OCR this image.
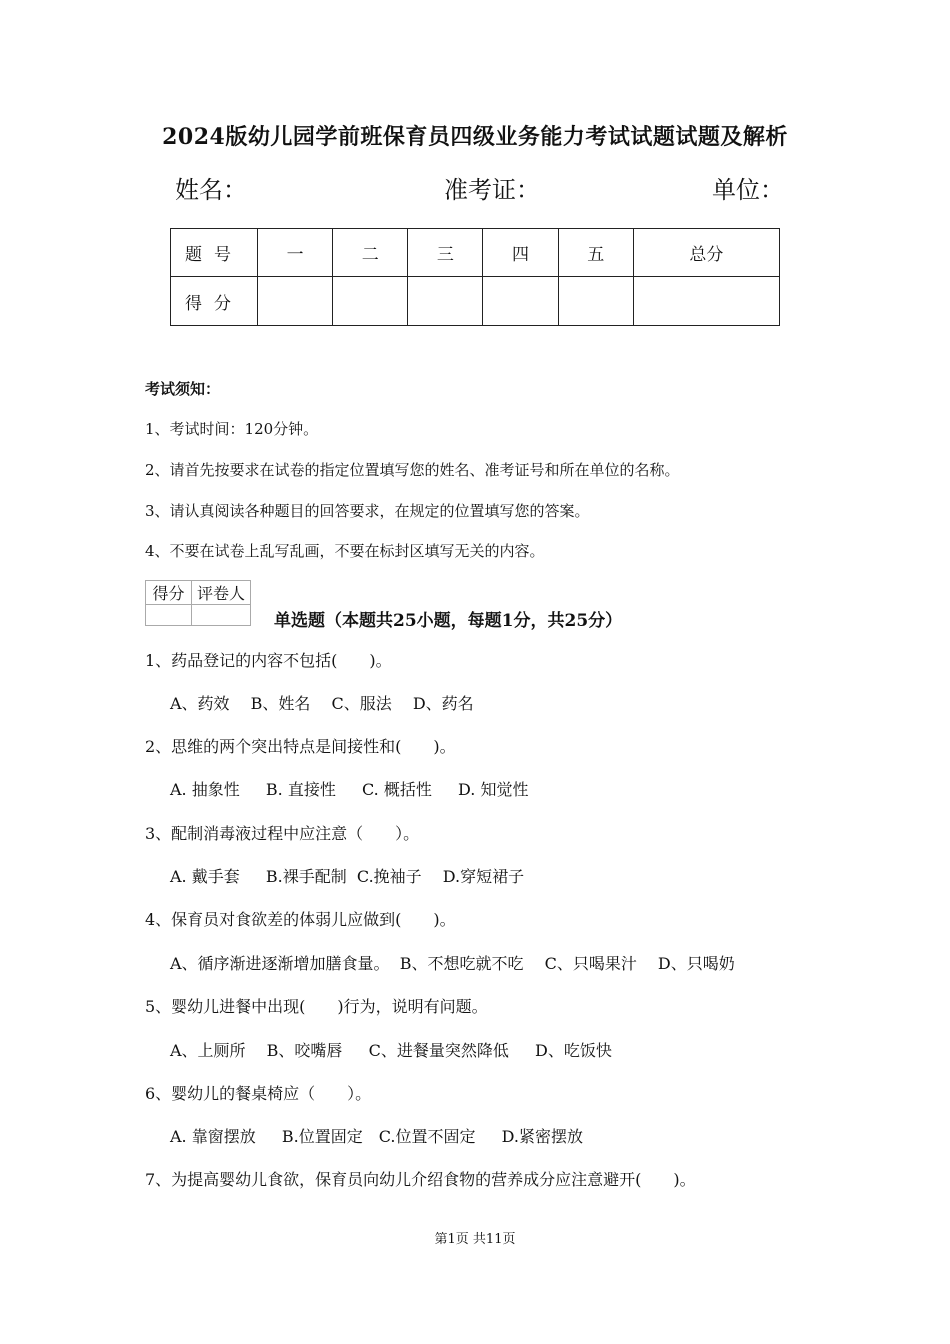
2024版幼儿园学前班保育员四级业务能力考试试题试题及解析
姓名：	准考证：	单位：
题号	一	二	三	四	五	总分
得分						
考试须知：
1、考试时间：120分钟。
2、请首先按要求在试卷的指定位置填写您的姓名、准考证号和所在单位的名称。
3、请认真阅读各种题目的回答要求，在规定的位置填写您的答案。
4、不要在试卷上乱写乱画，不要在标封区填写无关的内容。
得分	评卷人

单选题（本题共25小题，每题1分，共25分）
1、药品登记的内容不包括(　　)。
A、药效　 B、姓名　 C、服法　 D、药名
2、思维的两个突出特点是间接性和(　　)。
A. 抽象性　  B. 直接性　  C. 概括性　  D. 知觉性
3、配制消毒液过程中应注意（　　）。
A. 戴手套　  B.裸手配制  C.挽袖子　 D.穿短裙子
4、保育员对食欲差的体弱儿应做到(　　)。
A、循序渐进逐渐增加膳食量。  B、不想吃就不吃　 C、只喝果汁　 D、只喝奶
5、婴幼儿进餐中出现(　　)行为，说明有问题。
A、上厕所　 B、咬嘴唇　  C、进餐量突然降低　  D、吃饭快
6、婴幼儿的餐桌椅应（　　）。
A. 靠窗摆放　  B.位置固定　C.位置不固定　  D.紧密摆放
7、为提高婴幼儿食欲，保育员向幼儿介绍食物的营养成分应注意避开(　　)。
第1页 共11页
